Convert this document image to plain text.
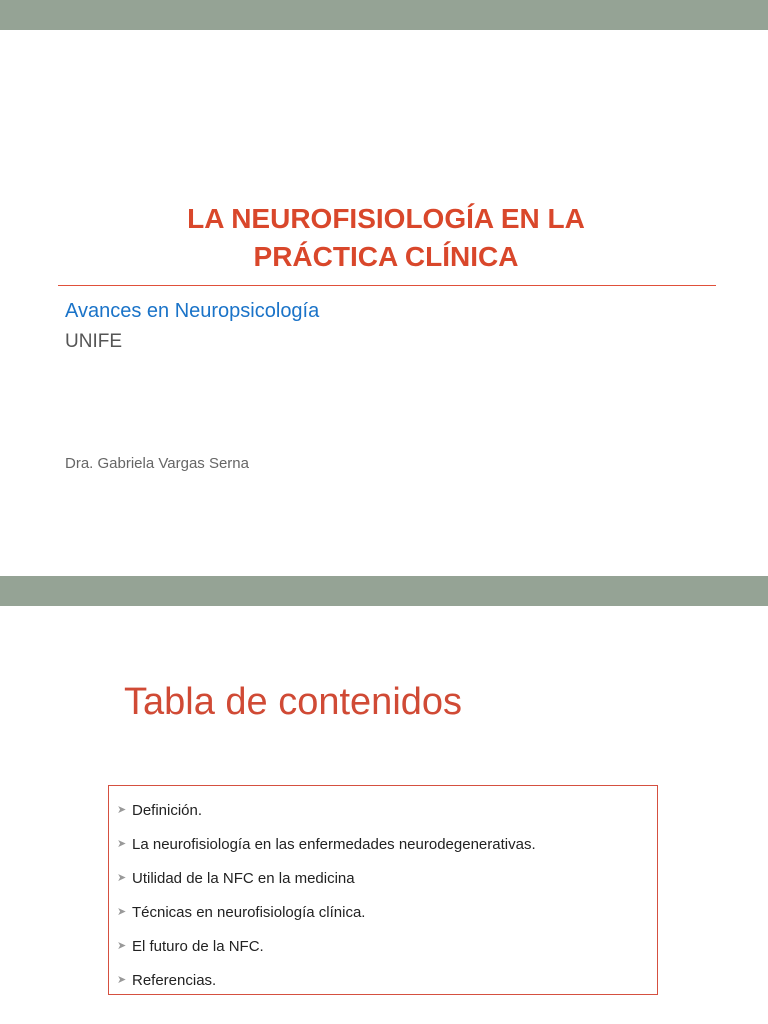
LA NEUROFISIOLOGÍA EN LA
PRÁCTICA CLÍNICA
Avances en Neuropsicología
UNIFE
Dra. Gabriela Vargas Serna
Tabla de contenidos
➤ Definición.
➤ La neurofisiología en las enfermedades neurodegenerativas.
➤ Utilidad de la NFC en la medicina
➤ Técnicas en neurofisiología clínica.
➤ El futuro de la NFC.
➤ Referencias.
